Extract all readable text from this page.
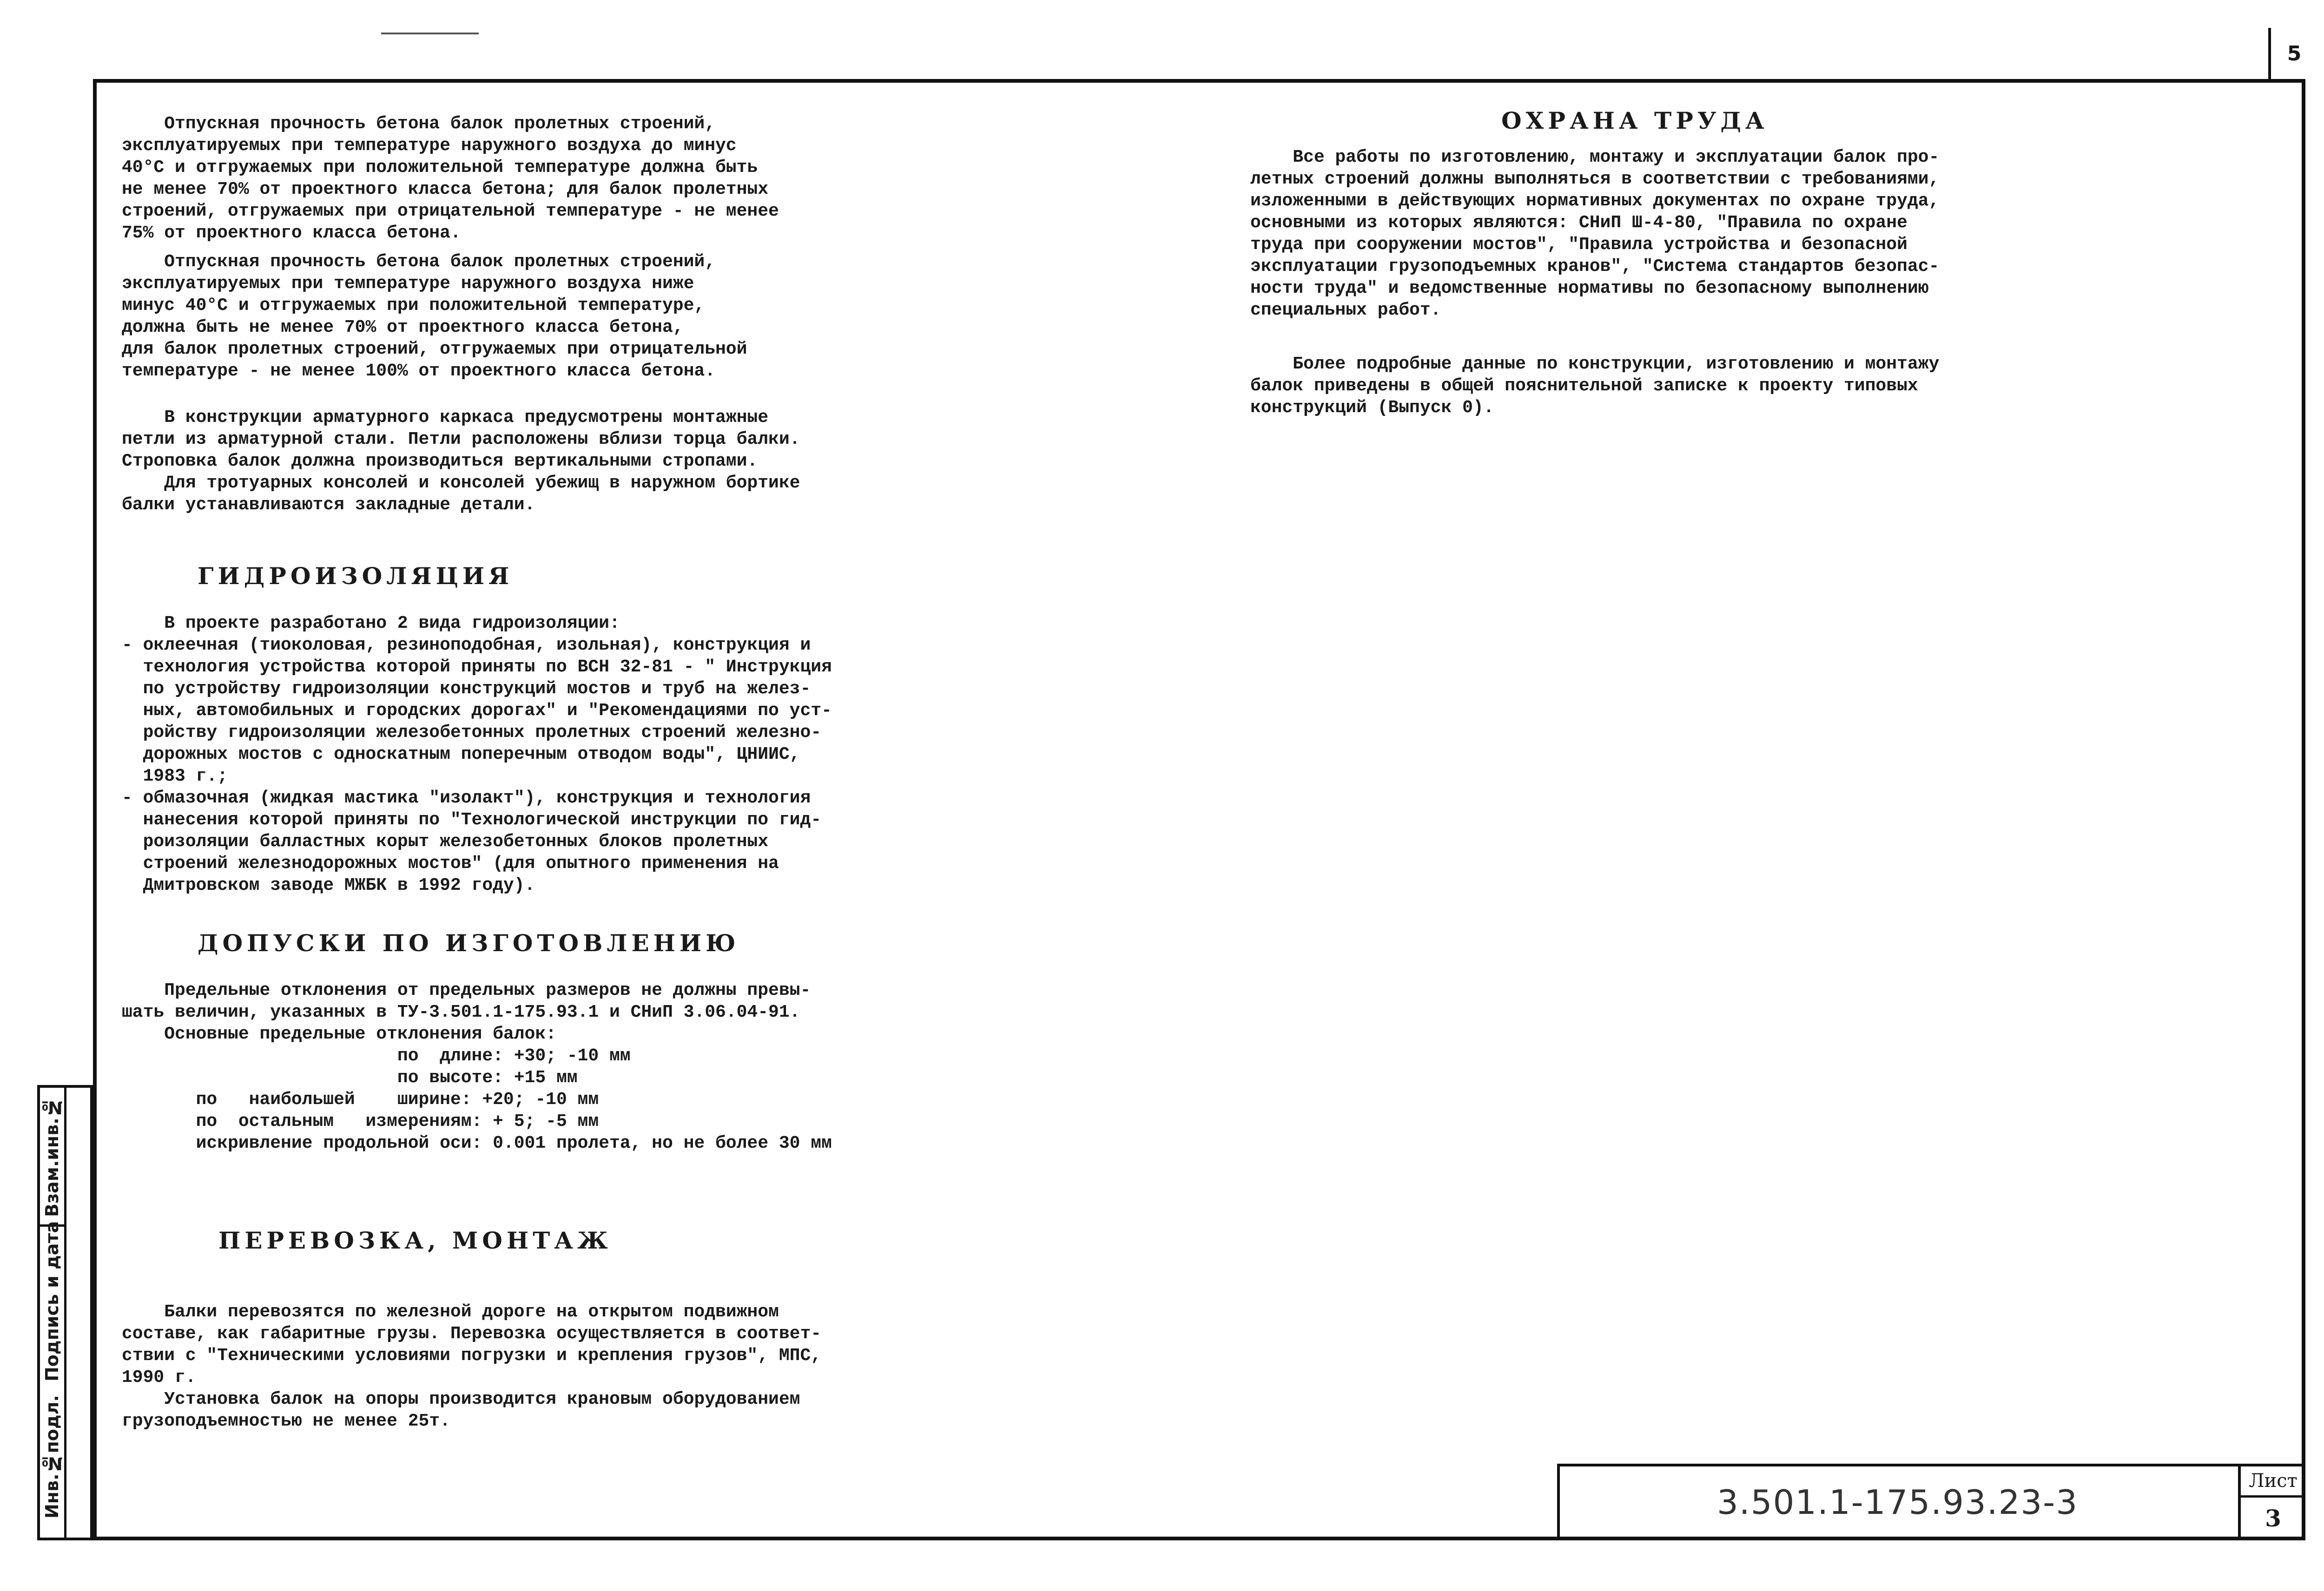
5
Взам.инв.№
Подпись и дата
Инв.№подл.
Отпускная прочность бетона балок пролетных строений,
эксплуатируемых при температуре наружного воздуха до минус
40°С и отгружаемых при положительной температуре должна быть
не менее 70% от проектного класса бетона; для балок пролетных
строений, отгружаемых при отрицательной температуре - не менее
75% от проектного класса бетона.
Отпускная прочность бетона балок пролетных строений,
эксплуатируемых при температуре наружного воздуха ниже
минус 40°С и отгружаемых при положительной температуре,
должна быть не менее 70% от проектного класса бетона,
для балок пролетных строений, отгружаемых при отрицательной
температуре - не менее 100% от проектного класса бетона.
В конструкции арматурного каркаса предусмотрены монтажные
петли из арматурной стали. Петли расположены вблизи торца балки.
Строповка балок должна производиться вертикальными стропами.
Для тротуарных консолей и консолей убежищ в наружном бортике
балки устанавливаются закладные детали.
ГИДРОИЗОЛЯЦИЯ
В проекте разработано 2 вида гидроизоляции:
- оклеечная (тиоколовая, резиноподобная, изольная), конструкция и
технология устройства которой приняты по ВСН 32-81 - " Инструкция
по устройству гидроизоляции конструкций мостов и труб на желез-
ных, автомобильных и городских дорогах" и "Рекомендациями по уст-
ройству гидроизоляции железобетонных пролетных строений железно-
дорожных мостов с односкатным поперечным отводом воды", ЦНИИС,
1983 г.;
- обмазочная (жидкая мастика "изолакт"), конструкция и технология
нанесения которой приняты по "Технологической инструкции по гид-
роизоляции балластных корыт железобетонных блоков пролетных
строений железнодорожных мостов" (для опытного применения на
Дмитровском заводе МЖБК в 1992 году).
ДОПУСКИ ПО ИЗГОТОВЛЕНИЮ
Предельные отклонения от предельных размеров не должны превы-
шать величин, указанных в ТУ-3.501.1-175.93.1 и СНиП 3.06.04-91.
Основные предельные отклонения балок:
по  длине: +30; -10 мм
по высоте: +15 мм
по   наибольшей    ширине: +20; -10 мм
по  остальным   измерениям: + 5; -5 мм
искривление продольной оси: 0.001 пролета, но не более 30 мм
ПЕРЕВОЗКА, МОНТАЖ
Балки перевозятся по железной дороге на открытом подвижном
составе, как габаритные грузы. Перевозка осуществляется в соответ-
ствии с "Техническими условиями погрузки и крепления грузов", МПС,
1990 г.
Установка балок на опоры производится крановым оборудованием
грузоподъемностью не менее 25т.
ОХРАНА ТРУДА
Все работы по изготовлению, монтажу и эксплуатации балок про-
летных строений должны выполняться в соответствии с требованиями,
изложенными в действующих нормативных документах по охране труда,
основными из которых являются: СНиП Ш-4-80, "Правила по охране
труда при сооружении мостов", "Правила устройства и безопасной
эксплуатации грузоподъемных кранов", "Система стандартов безопас-
ности труда" и ведомственные нормативы по безопасному выполнению
специальных работ.
Более подробные данные по конструкции, изготовлению и монтажу
балок приведены в общей пояснительной записке к проекту типовых
конструкций (Выпуск 0).
3.501.1-175.93.23-3
Лист
3
